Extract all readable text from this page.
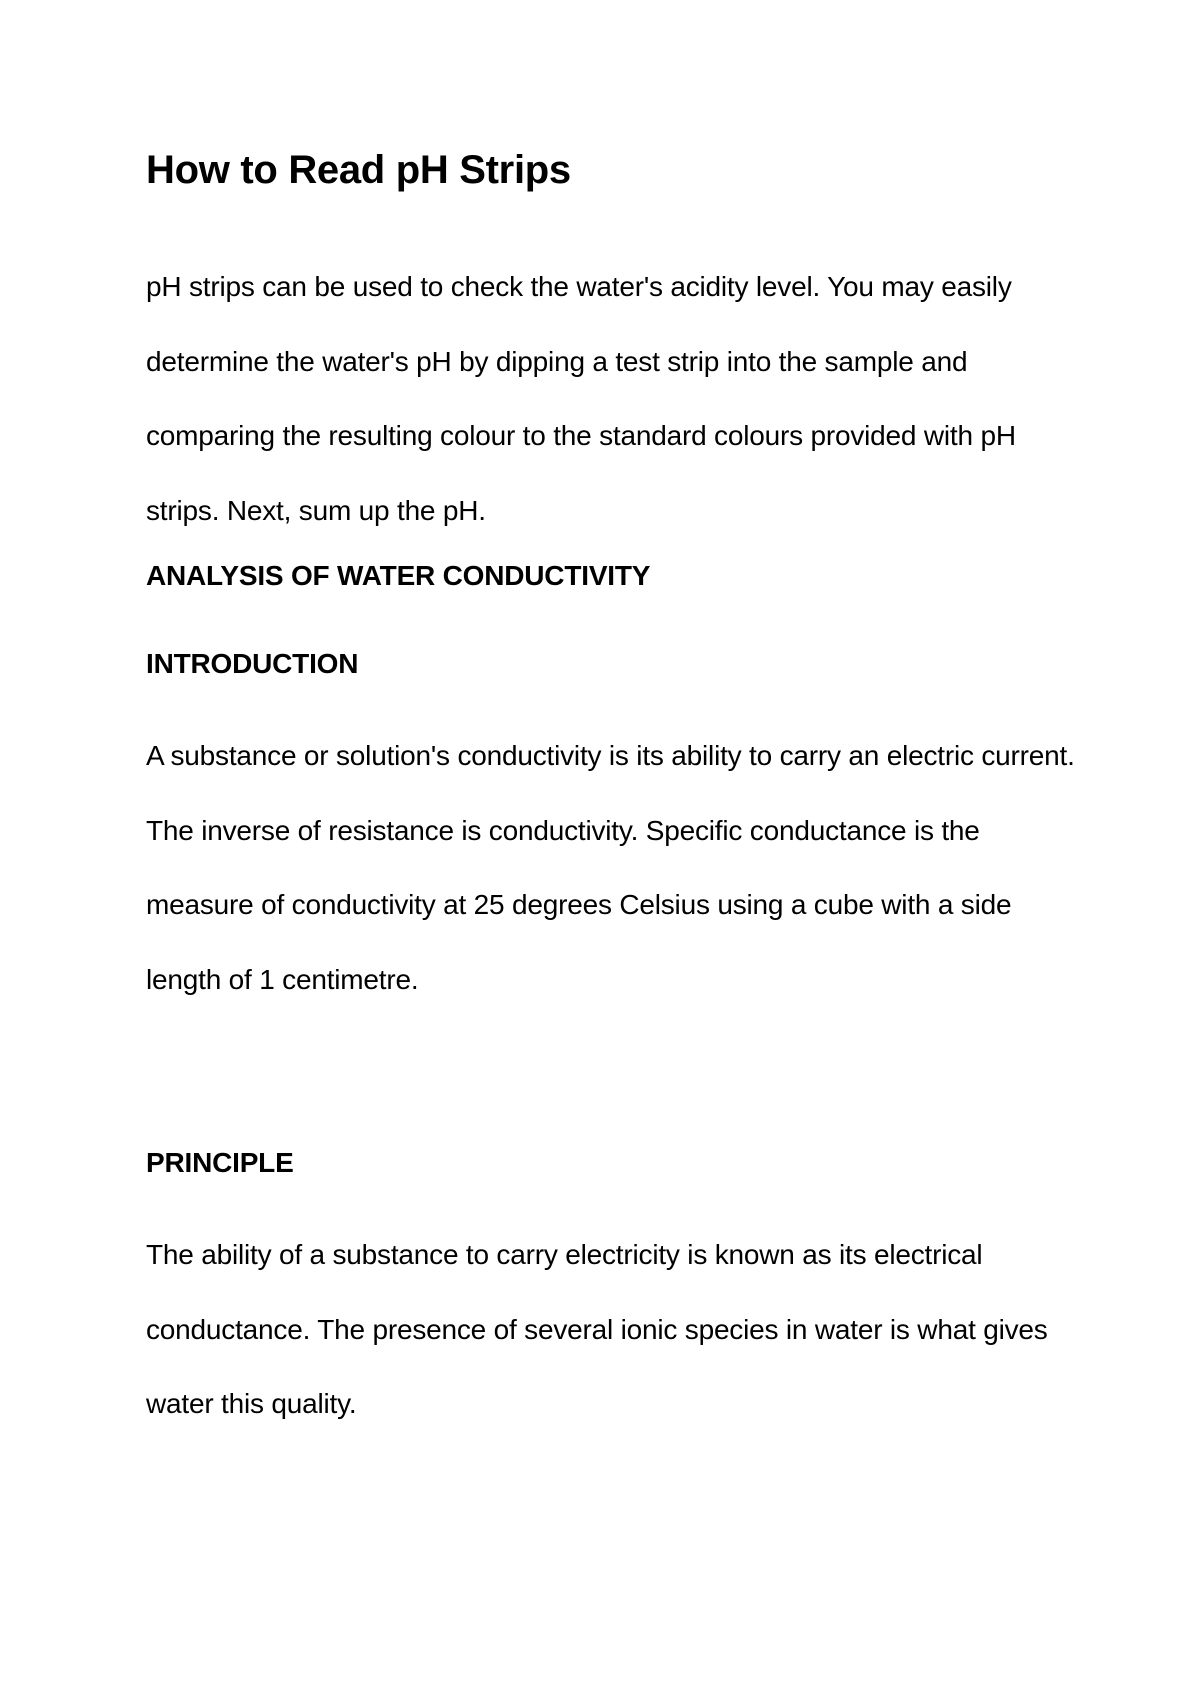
How to Read pH Strips

pH strips can be used to check the water's acidity level. You may easily determine the water's pH by dipping a test strip into the sample and comparing the resulting colour to the standard colours provided with pH strips. Next, sum up the pH.

ANALYSIS OF WATER CONDUCTIVITY
INTRODUCTION

A substance or solution's conductivity is its ability to carry an electric current. The inverse of resistance is conductivity. Specific conductance is the measure of conductivity at 25 degrees Celsius using a cube with a side length of 1 centimetre.

PRINCIPLE

The ability of a substance to carry electricity is known as its electrical conductance. The presence of several ionic species in water is what gives water this quality.
